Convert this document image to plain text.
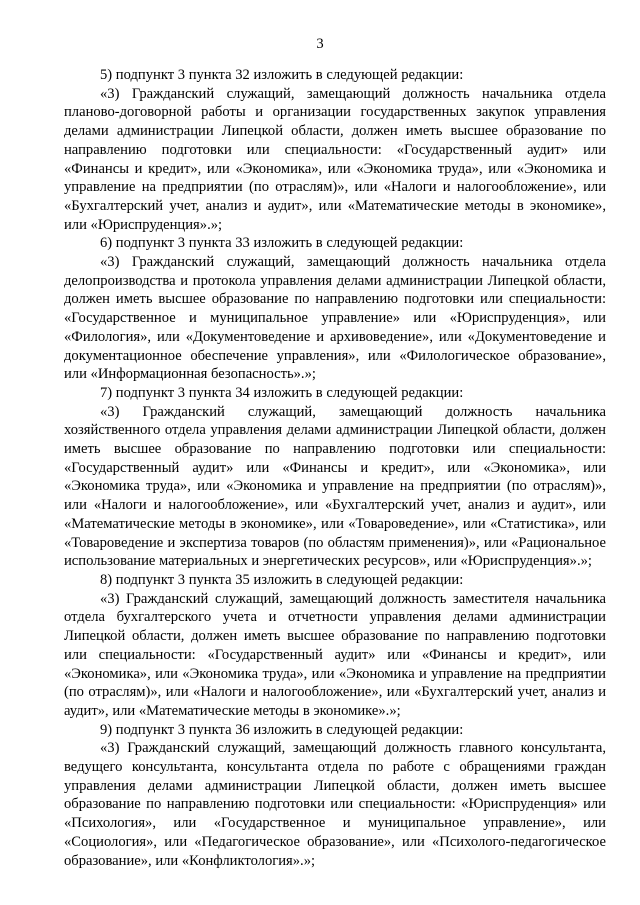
3

5) подпункт 3 пункта 32 изложить в следующей редакции:

«3) Гражданский служащий, замещающий должность начальника отдела планово-договорной работы и организации государственных закупок управления делами администрации Липецкой области, должен иметь высшее образование по направлению подготовки или специальности: «Государственный аудит» или «Финансы и кредит», или «Экономика», или «Экономика труда», или «Экономика и управление на предприятии (по отраслям)», или «Налоги и налогообложение», или «Бухгалтерский учет, анализ и аудит», или «Математические методы в экономике», или «Юриспруденция».»;

6) подпункт 3 пункта 33 изложить в следующей редакции:

«3) Гражданский служащий, замещающий должность начальника отдела делопроизводства и протокола управления делами администрации Липецкой области, должен иметь высшее образование по направлению подготовки или специальности: «Государственное и муниципальное управление» или «Юриспруденция», или «Филология», или «Документоведение и архивоведение», или «Документоведение и документационное обеспечение управления», или «Филологическое образование», или «Информационная безопасность».»;

7) подпункт 3 пункта 34 изложить в следующей редакции:

«3) Гражданский служащий, замещающий должность начальника хозяйственного отдела управления делами администрации Липецкой области, должен иметь высшее образование по направлению подготовки или специальности: «Государственный аудит» или «Финансы и кредит», или «Экономика», или «Экономика труда», или «Экономика и управление на предприятии (по отраслям)», или «Налоги и налогообложение», или «Бухгалтерский учет, анализ и аудит», или «Математические методы в экономике», или «Товароведение», или «Статистика», или «Товароведение и экспертиза товаров (по областям применения)», или «Рациональное использование материальных и энергетических ресурсов», или «Юриспруденция».»;

8) подпункт 3 пункта 35 изложить в следующей редакции:

«3) Гражданский служащий, замещающий должность заместителя начальника отдела бухгалтерского учета и отчетности управления делами администрации Липецкой области, должен иметь высшее образование по направлению подготовки или специальности: «Государственный аудит» или «Финансы и кредит», или «Экономика», или «Экономика труда», или «Экономика и управление на предприятии (по отраслям)», или «Налоги и налогообложение», или «Бухгалтерский учет, анализ и аудит», или «Математические методы в экономике».»;

9) подпункт 3 пункта 36 изложить в следующей редакции:

«3) Гражданский служащий, замещающий должность главного консультанта, ведущего консультанта, консультанта отдела по работе с обращениями граждан управления делами администрации Липецкой области, должен иметь высшее образование по направлению подготовки или специальности: «Юриспруденция» или «Психология», или «Государственное и муниципальное управление», или «Социология», или «Педагогическое образование», или «Психолого-педагогическое образование», или «Конфликтология».»;
